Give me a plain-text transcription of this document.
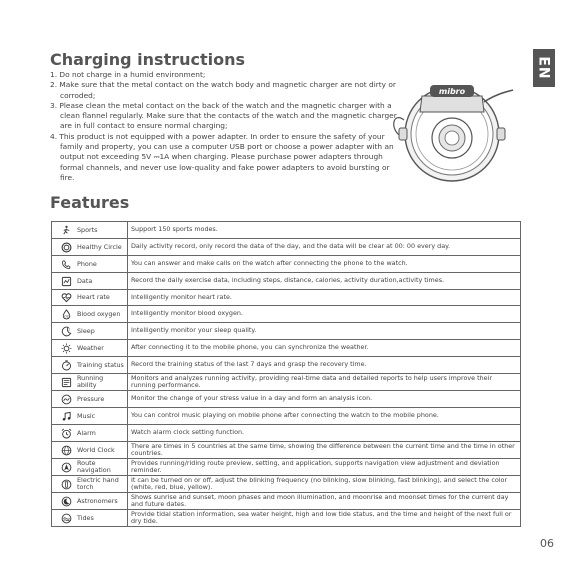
Charging instructions
1. Do not charge in a humid environment;
2. Make sure that the metal contact on the watch body and magnetic charger are not dirty or corroded;
3. Please clean the metal contact on the back of the watch and the magnetic charger with a clean flannel regularly. Make sure that the contacts of the watch and the magnetic charger are in full contact to ensure normal charging;
4. This product is not equipped with a power adapter. In order to ensure the safety of your family and property, you can use a computer USB port or choose a power adapter with an output not exceeding 5V ⎓1A when charging. Please purchase power adapters through formal channels, and never use low-quality and fake power adapters to avoid bursting or fire.
EN
mibro
Features
Sports	Support 150 sports modes.

Healthy Circle	Daily activity record, only record the data of the day, and the data will be clear at 00: 00 every day.

Phone	You can answer and make calls on the watch after connecting the phone to the watch.

Data	Record the daily exercise data, including steps, distance, calories, activity duration,activity times.

Heart rate	Intelligently monitor heart rate.

O2 Blood oxygen	Intelligently monitor blood oxygen.

z Sleep	Intelligently monitor your sleep quality.

Weather	After connecting it to the mobile phone, you can synchronize the weather.

Training status	Record the training status of the last 7 days and grasp the recovery time.

Running ability	Monitors and analyzes running activity, providing real-time data and detailed reports to help users improve their running performance.

Pressure	Monitor the change of your stress value in a day and form an analysis icon.

Music	You can control music playing on mobile phone after connecting the watch to the mobile phone.

Alarm	Watch alarm clock setting function.

World Clock	There are times in 5 countries at the same time, showing the difference between the current time and the time in other countries.

Route navigation	Provides running/riding route preview, setting, and application, supports navigation view adjustment and deviation reminder.

Electric hand torch	It can be turned on or off, adjust the blinking frequency (no blinking, slow blinking, fast blinking), and select the color (white, red, blue, yellow).

Astronomers	Shows sunrise and sunset, moon phases and moon illumination, and moonrise and moonset times for the current day and future dates.

Tides	Provide tidal station information, sea water height, high and low tide status, and the time and height of the next full or dry tide.
06
